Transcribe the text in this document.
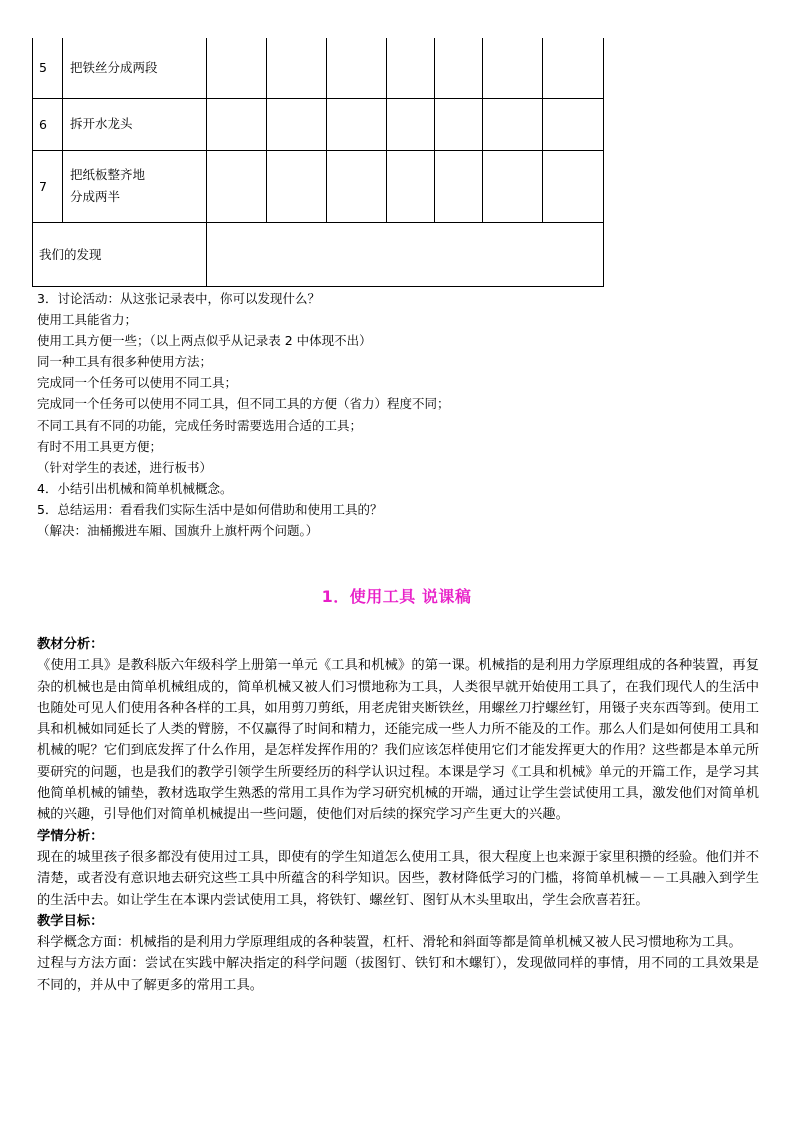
5	把铁丝分成两段							
6	拆开水龙头							
7	把纸板整齐地
分成两半							

我们的发现								
3．讨论活动：从这张记录表中，你可以发现什么？
使用工具能省力；
使用工具方便一些；（以上两点似乎从记录表 2 中体现不出）
同一种工具有很多种使用方法；
完成同一个任务可以使用不同工具；
完成同一个任务可以使用不同工具，但不同工具的方便（省力）程度不同；
不同工具有不同的功能，完成任务时需要选用合适的工具；
有时不用工具更方便；
（针对学生的表述，进行板书）
4．小结引出机械和简单机械概念。
5．总结运用：看看我们实际生活中是如何借助和使用工具的？
（解决：油桶搬进车厢、国旗升上旗杆两个问题。）
1．使用工具 说课稿
教材分析：

《使用工具》是教科版六年级科学上册第一单元《工具和机械》的第一课。机械指的是利用力学原理组成的各种装置，再复杂的机械也是由简单机械组成的，简单机械又被人们习惯地称为工具，人类很早就开始使用工具了，在我们现代人的生活中也随处可见人们使用各种各样的工具，如用剪刀剪纸，用老虎钳夹断铁丝，用螺丝刀拧螺丝钉，用镊子夹东西等到。使用工具和机械如同延长了人类的臂膀，不仅赢得了时间和精力，还能完成一些人力所不能及的工作。那么人们是如何使用工具和机械的呢？它们到底发挥了什么作用，是怎样发挥作用的？我们应该怎样使用它们才能发挥更大的作用？这些都是本单元所要研究的问题，也是我们的教学引领学生所要经历的科学认识过程。本课是学习《工具和机械》单元的开篇工作，是学习其他简单机械的铺垫，教材选取学生熟悉的常用工具作为学习研究机械的开端，通过让学生尝试使用工具，激发他们对简单机械的兴趣，引导他们对简单机械提出一些问题，使他们对后续的探究学习产生更大的兴趣。

学情分析：

现在的城里孩子很多都没有使用过工具，即使有的学生知道怎么使用工具，很大程度上也来源于家里积攒的经验。他们并不清楚，或者没有意识地去研究这些工具中所蕴含的科学知识。因些，教材降低学习的门槛，将简单机械－－工具融入到学生的生活中去。如让学生在本课内尝试使用工具，将铁钉、螺丝钉、图钉从木头里取出，学生会欣喜若狂。

教学目标：

科学概念方面：机械指的是利用力学原理组成的各种装置，杠杆、滑轮和斜面等都是简单机械又被人民习惯地称为工具。

过程与方法方面：尝试在实践中解决指定的科学问题（拔图钉、铁钉和木螺钉），发现做同样的事情，用不同的工具效果是不同的，并从中了解更多的常用工具。
